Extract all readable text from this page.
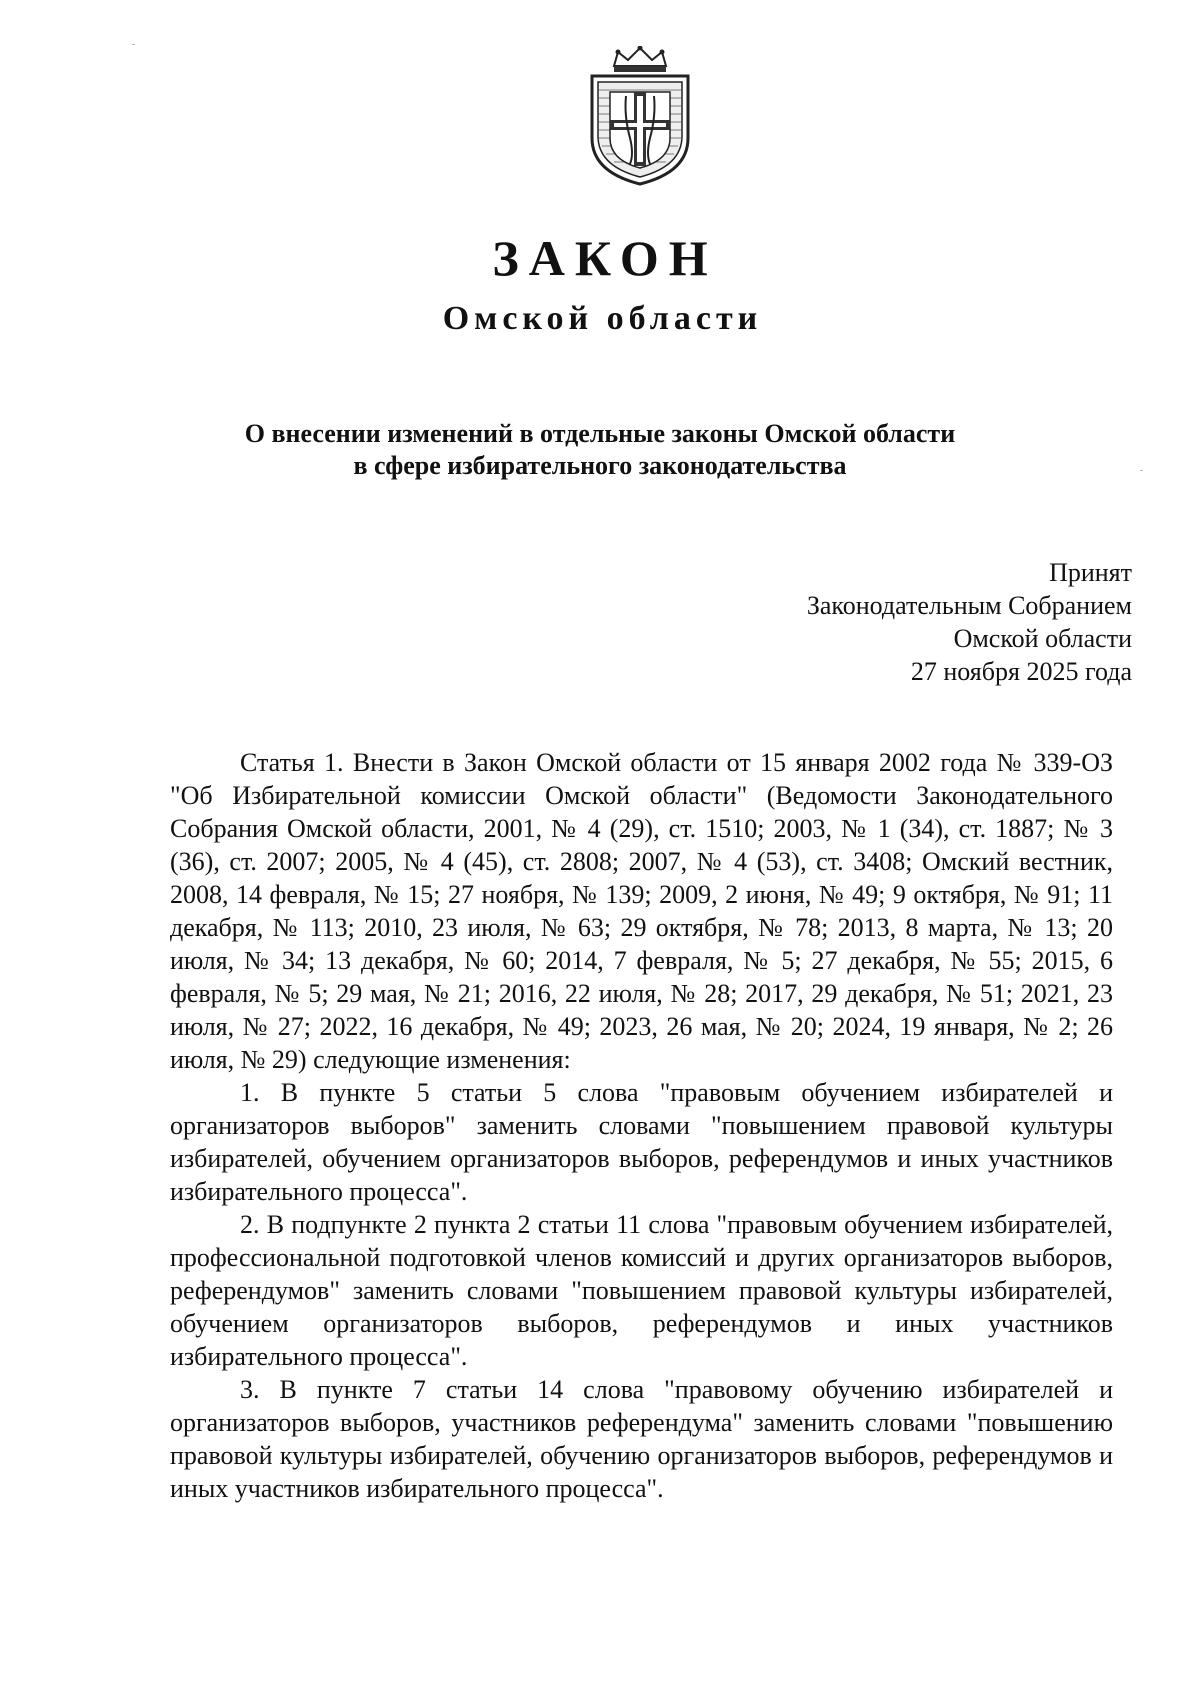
ЗАКОН
Омской области
О внесении изменений в отдельные законы Омской области
в сфере избирательного законодательства
Принят
Законодательным Собранием
Омской области
27 ноября 2025 года

Статья 1. Внести в Закон Омской области от 15 января 2002 года № 339-ОЗ "Об Избирательной комиссии Омской области" (Ведомости Законодательного Собрания Омской области, 2001, № 4 (29), ст. 1510; 2003, № 1 (34), ст. 1887; № 3 (36), ст. 2007; 2005, № 4 (45), ст. 2808; 2007, № 4 (53), ст. 3408; Омский вестник, 2008, 14 февраля, № 15; 27 ноября, № 139; 2009, 2 июня, № 49; 9 октября, № 91; 11 декабря, № 113; 2010, 23 июля, № 63; 29 октября, № 78; 2013, 8 марта, № 13; 20 июля, № 34; 13 декабря, № 60; 2014, 7 февраля, № 5; 27 декабря, № 55; 2015, 6 февраля, № 5; 29 мая, № 21; 2016, 22 июля, № 28; 2017, 29 декабря, № 51; 2021, 23 июля, № 27; 2022, 16 декабря, № 49; 2023, 26 мая, № 20; 2024, 19 января, № 2; 26 июля, № 29) следующие изменения:

1. В пункте 5 статьи 5 слова "правовым обучением избирателей и организаторов выборов" заменить словами "повышением правовой культуры избирателей, обучением организаторов выборов, референдумов и иных участников избирательного процесса".

2. В подпункте 2 пункта 2 статьи 11 слова "правовым обучением избирателей, профессиональной подготовкой членов комиссий и других организаторов выборов, референдумов" заменить словами "повышением правовой культуры избирателей, обучением организаторов выборов, референдумов и иных участников избирательного процесса".

3. В пункте 7 статьи 14 слова "правовому обучению избирателей и организаторов выборов, участников референдума" заменить словами "повышению правовой культуры избирателей, обучению организаторов выборов, референдумов и иных участников избирательного процесса".
